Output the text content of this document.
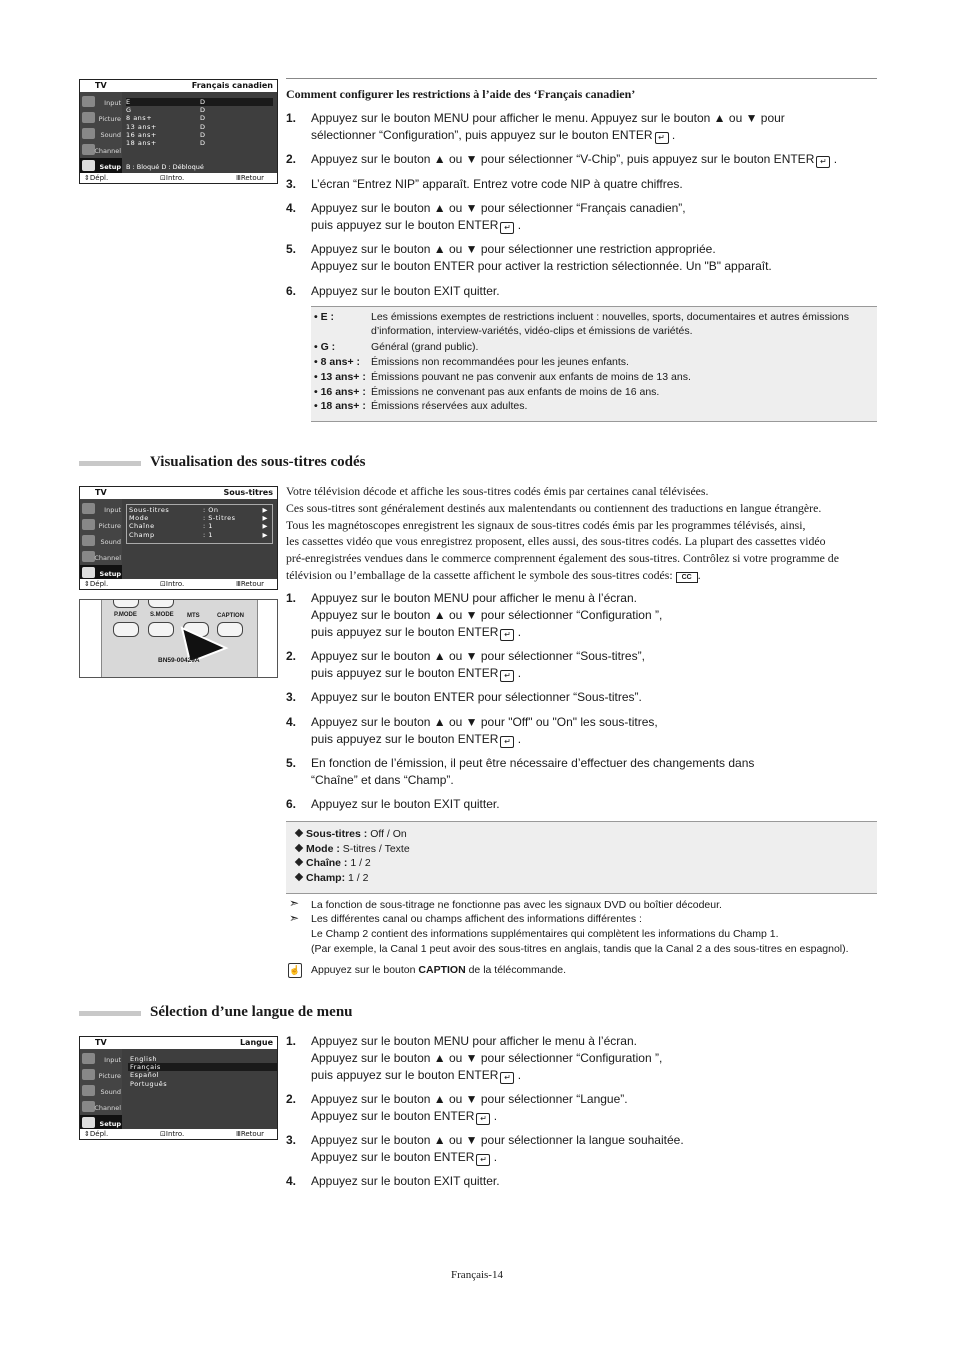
TV	Français canadien
Input
Picture
Sound
Channel
Setup
E	D
G	D
8 ans+	D
13 ans+	D
16 ans+	D
18 ans+	D
B : Bloqué D : Débloqué
⇕Dépl.	⊡Intro.	ⅢRetour
Comment configurer les restrictions à l’aide des ‘Français canadien’
1. Appuyez sur le bouton MENU pour afficher le menu. Appuyez sur le bouton ▲ ou ▼ pour
sélectionner “Configuration”, puis appuyez sur le bouton ENTER ↵ .
2. Appuyez sur le bouton ▲ ou ▼ pour sélectionner “V-Chip”, puis appuyez sur le bouton ENTER ↵ .
3. L’écran “Entrez NIP” apparaît. Entrez votre code NIP à quatre chiffres.
4. Appuyez sur le bouton ▲ ou ▼ pour sélectionner “Français canadien”,
puis appuyez sur le bouton ENTER ↵ .
5. Appuyez sur le bouton ▲ ou ▼ pour sélectionner une restriction appropriée.
Appuyez sur le bouton ENTER pour activer la restriction sélectionnée. Un "B" apparaît.
6. Appuyez sur le bouton EXIT quitter.
• E :	Les émissions exemptes de restrictions incluent : nouvelles, sports, documentaires et autres émissions d’information, interview-variétés, vidéo-clips et émissions de variétés.
• G :	Général (grand public).
• 8 ans+ : Émissions non recommandées pour les jeunes enfants.
• 13 ans+ : Émissions pouvant ne pas convenir aux enfants de moins de 13 ans.
• 16 ans+ : Émissions ne convenant pas aux enfants de moins de 16 ans.
• 18 ans+ : Émissions réservées aux adultes.
Visualisation des sous-titres codés
TV	Sous-titres
Input
Picture
Sound
Channel
Setup
Sous-titres	: On	▶
Mode	: S-titres	▶
Chaîne	: 1	▶
Champ	: 1	▶
⇕Dépl.	⊡Intro.	ⅢRetour
P.MODE S.MODE MTS	CAPTION
BN59-00429A
Votre télévision décode et affiche les sous-titres codés émis par certaines canal télévisées.
Ces sous-titres sont généralement destinés aux malentendants ou contiennent des traductions en langue étrangère.
Tous les magnétoscopes enregistrent les signaux de sous-titres codés émis par les programmes télévisés, ainsi,
les cassettes vidéo que vous enregistrez proposent, elles aussi, des sous-titres codés. La plupart des cassettes vidéo
pré-enregistrées vendues dans le commerce comprennent également des sous-titres. Contrôlez si votre programme de
télévision ou l’emballage de la cassette affichent le symbole des sous-titres codés: CC .
1. Appuyez sur le bouton MENU pour afficher le menu à l’écran.
Appuyez sur le bouton ▲ ou ▼ pour sélectionner “Configuration ”,
puis appuyez sur le bouton ENTER ↵ .
2. Appuyez sur le bouton ▲ ou ▼ pour sélectionner “Sous-titres”,
puis appuyez sur le bouton ENTER ↵ .
3. Appuyez sur le bouton ENTER pour sélectionner “Sous-titres”.
4. Appuyez sur le bouton ▲ ou ▼ pour "Off" ou "On" les sous-titres,
puis appuyez sur le bouton ENTER ↵ .
5. En fonction de l’émission, il peut être nécessaire d’effectuer des changements dans
“Chaîne” et dans “Champ”.
6. Appuyez sur le bouton EXIT quitter.
Sous-titres : Off / On
Mode : S-titres / Texte
Chaîne : 1 / 2
Champ: 1 / 2
➣ La fonction de sous-titrage ne fonctionne pas avec les signaux DVD ou boîtier décodeur.
➣ Les différentes canal ou champs affichent des informations différentes :
Le Champ 2 contient des informations supplémentaires qui complètent les informations du Champ 1.
(Par exemple, la Canal 1 peut avoir des sous-titres en anglais, tandis que la Canal 2 a des sous-titres en espagnol).
☝ Appuyez sur le bouton CAPTION de la télécommande.
Sélection d’une langue de menu
TV	Langue
Input
Picture
Sound
Channel
Setup
English
Français
Español
Português
⇕Dépl.	⊡Intro.	ⅢRetour
1. Appuyez sur le bouton MENU pour afficher le menu à l’écran.
Appuyez sur le bouton ▲ ou ▼ pour sélectionner “Configuration ”,
puis appuyez sur le bouton ENTER ↵ .
2. Appuyez sur le bouton ▲ ou ▼ pour sélectionner “Langue”.
Appuyez sur le bouton ENTER ↵ .
3. Appuyez sur le bouton ▲ ou ▼ pour sélectionner la langue souhaitée.
Appuyez sur le bouton ENTER ↵ .
4. Appuyez sur le bouton EXIT quitter.
Français-14
